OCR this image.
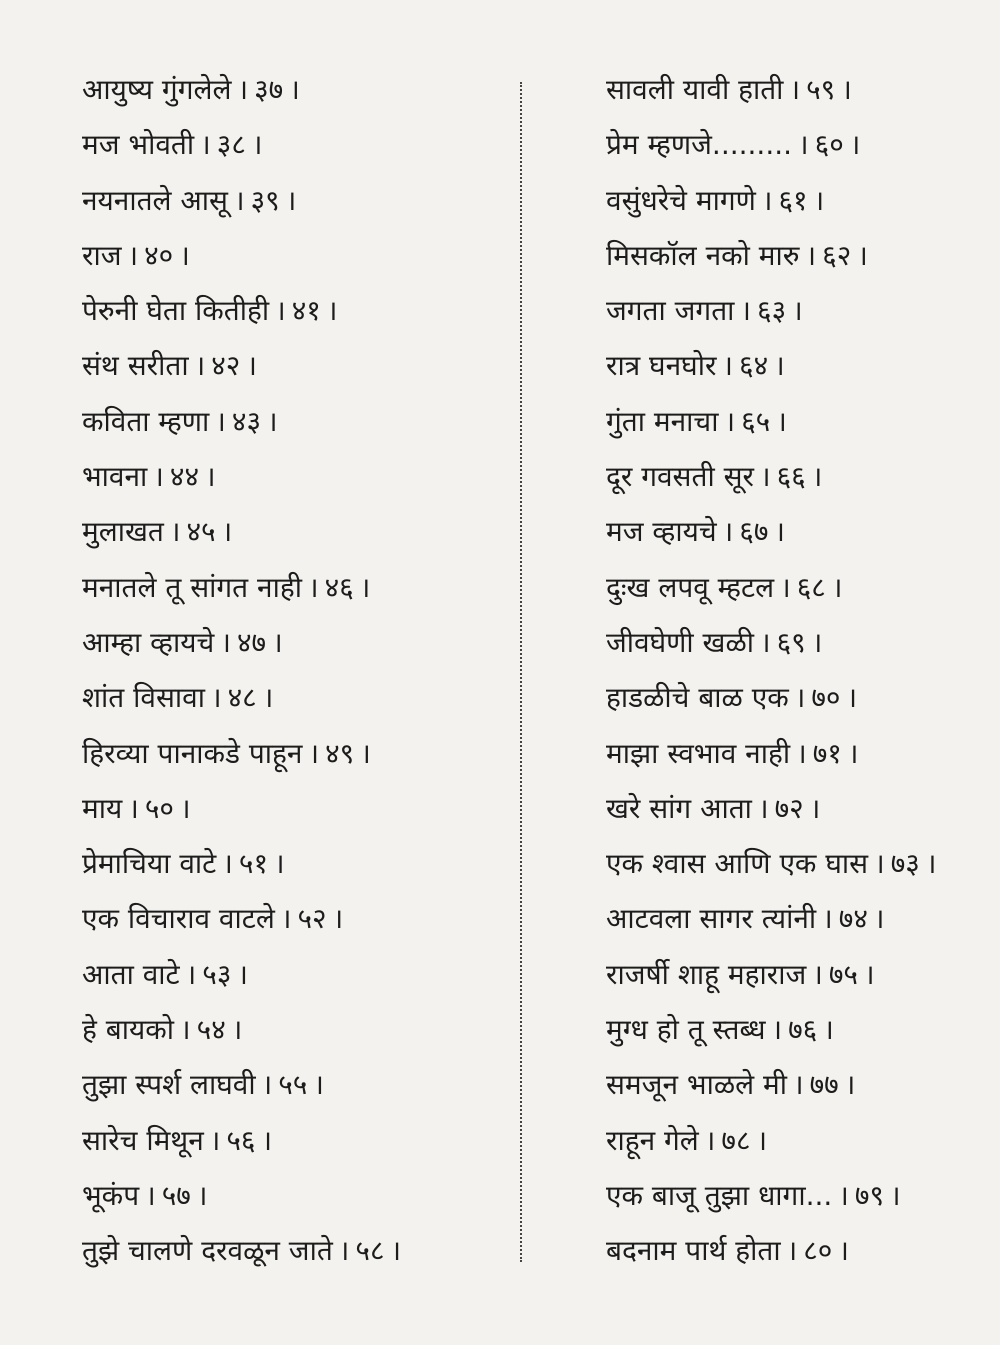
आयुष्य गुंगलेले । ३७ ।
मज भोवती । ३८ ।
नयनातले आसू । ३९ ।
राज । ४० ।
पेरुनी घेता कितीही । ४१ ।
संथ सरीता । ४२ ।
कविता म्हणा । ४३ ।
भावना । ४४ ।
मुलाखत । ४५ ।
मनातले तू सांगत नाही । ४६ ।
आम्हा व्हायचे । ४७ ।
शांत विसावा । ४८ ।
हिरव्या पानाकडे पाहून । ४९ ।
माय । ५० ।
प्रेमाचिया वाटे । ५१ ।
एक विचाराव वाटले । ५२ ।
आता वाटे । ५३ ।
हे बायको । ५४ ।
तुझा स्पर्श लाघवी । ५५ ।
सारेच मिथून । ५६ ।
भूकंप । ५७ ।
तुझे चालणे दरवळून जाते । ५८ ।
सावली यावी हाती । ५९ ।
प्रेम म्हणजे......... । ६० ।
वसुंधरेचे मागणे । ६१ ।
मिसकॉल नको मारु । ६२ ।
जगता जगता । ६३ ।
रात्र घनघोर । ६४ ।
गुंता मनाचा । ६५ ।
दूर गवसती सूर । ६६ ।
मज व्हायचे । ६७ ।
दुःख लपवू म्हटल । ६८ ।
जीवघेणी खळी । ६९ ।
हाडळीचे बाळ एक । ७० ।
माझा स्वभाव नाही । ७१ ।
खरे सांग आता । ७२ ।
एक श्वास आणि एक घास । ७३ ।
आटवला सागर त्यांनी । ७४ ।
राजर्षी शाहू महाराज । ७५ ।
मुग्ध हो तू स्तब्ध । ७६ ।
समजून भाळले मी । ७७ ।
राहून गेले । ७८ ।
एक बाजू तुझा धागा... । ७९ ।
बदनाम पार्थ होता । ८० ।
